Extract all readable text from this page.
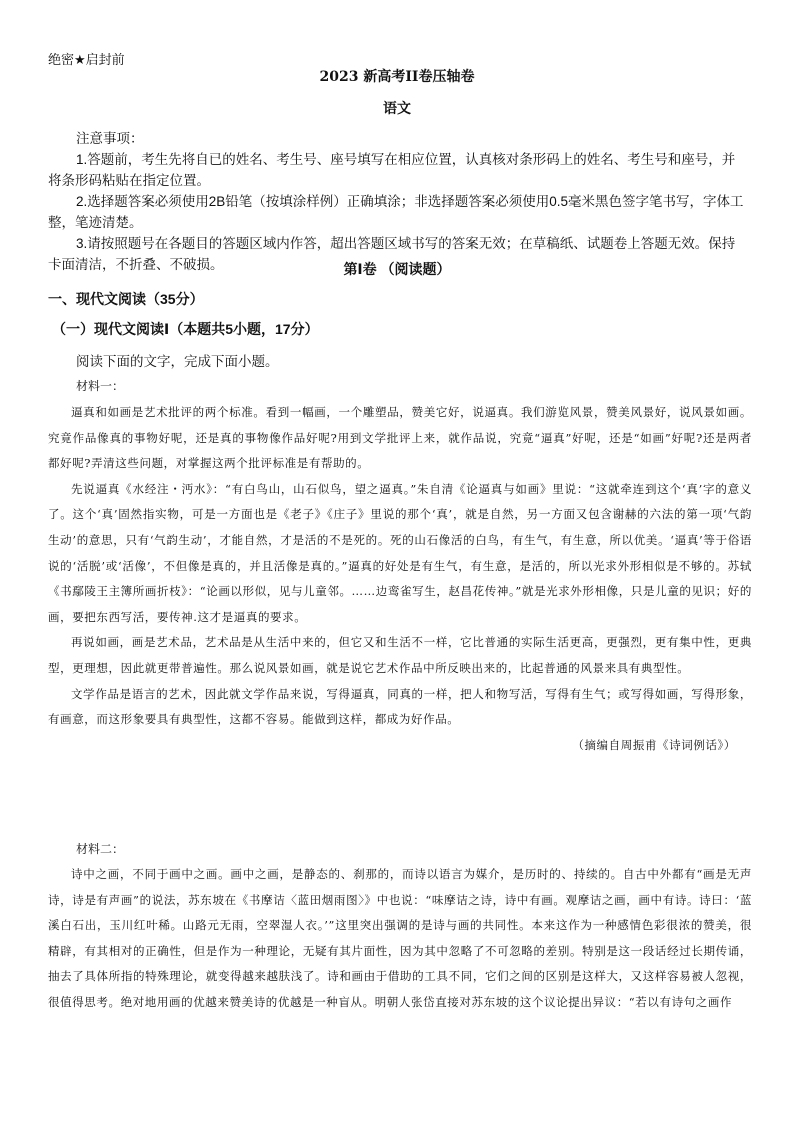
绝密★启封前
2023 新高考II卷压轴卷
语文
注意事项：
1.答题前，考生先将自已的姓名、考生号、座号填写在相应位置，认真核对条形码上的姓名、考生号和座号，并将条形码粘贴在指定位置。
2.选择题答案必须使用2B铅笔（按填涂样例）正确填涂；非选择题答案必须使用0.5毫米黑色签字笔书写，字体工整，笔迹清楚。
3.请按照题号在各题目的答题区域内作答，超出答题区域书写的答案无效；在草稿纸、试题卷上答题无效。保持卡面清洁，不折叠、不破损。	第Ⅰ卷 （阅读题）
一、现代文阅读（35分）
（一）现代文阅读Ⅰ（本题共5小题，17分）
阅读下面的文字，完成下面小题。
材料一：

逼真和如画是艺术批评的两个标准。看到一幅画，一个雕塑品，赞美它好，说逼真。我们游览风景，赞美风景好，说风景如画。究竟作品像真的事物好呢，还是真的事物像作品好呢?用到文学批评上来，就作品说，究竟“逼真”好呢，还是“如画”好呢?还是两者都好呢?弄清这些问题，对掌握这两个批评标准是有帮助的。

先说逼真《水经注・沔水》：“有白鸟山，山石似鸟，望之逼真。”朱自清《论逼真与如画》里说：“这就牵连到这个‘真’字的意义了。这个‘真’固然指实物，可是一方面也是《老子》《庄子》里说的那个‘真’，就是自然，另一方面又包含谢赫的六法的第一项‘气韵生动’的意思，只有‘气韵生动’，才能自然，才是活的不是死的。死的山石像活的白鸟，有生气，有生意，所以优美。‘逼真’等于俗语说的‘活脱’或‘活像’，不但像是真的，并且活像是真的。”逼真的好处是有生气，有生意，是活的，所以光求外形相似是不够的。苏轼《书鄢陵王主簿所画折枝》：“论画以形似，见与儿童邻。……边鸾雀写生，赵昌花传神。”就是光求外形相像，只是儿童的见识；好的画，要把东西写活，要传神.这才是逼真的要求。

再说如画，画是艺术品，艺术品是从生活中来的，但它又和生活不一样，它比普通的实际生活更高，更强烈，更有集中性，更典型，更理想，因此就更带普遍性。那么说风景如画，就是说它艺术作品中所反映出来的，比起普通的风景来具有典型性。

文学作品是语言的艺术，因此就文学作品来说，写得逼真，同真的一样，把人和物写活，写得有生气；或写得如画，写得形象，有画意，而这形象要具有典型性，这都不容易。能做到这样，都成为好作品。

（摘编自周振甫《诗词例话》）

材料二：

诗中之画，不同于画中之画。画中之画，是静态的、刹那的，而诗以语言为媒介，是历时的、持续的。自古中外都有“画是无声诗，诗是有声画”的说法，苏东坡在《书摩诘〈蓝田烟雨图〉》中也说：“味摩诘之诗，诗中有画。观摩诘之画，画中有诗。诗曰：‘蓝溪白石出，玉川红叶稀。山路元无雨，空翠湿人衣。’”这里突出强调的是诗与画的共同性。本来这作为一种感情色彩很浓的赞美，很精辟，有其相对的正确性，但是作为一种理论，无疑有其片面性，因为其中忽略了不可忽略的差别。特别是这一段话经过长期传诵，抽去了具体所指的特殊理论，就变得越来越肤浅了。诗和画由于借助的工具不同，它们之间的区别是这样大，又这样容易被人忽视，很值得思考。绝对地用画的优越来赞美诗的优越是一种盲从。明朝人张岱直接对苏东坡的这个议论提出异议：“若以有诗句之画作
